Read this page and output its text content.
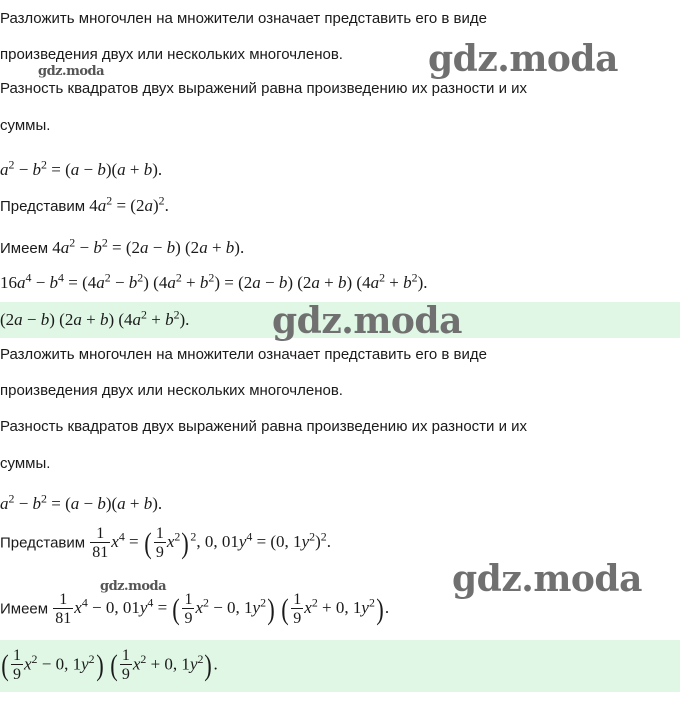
Разложить многочлен на множители означает представить его в виде
произведения двух или нескольких многочленов. gdz.moda
gdz.moda
Разность квадратов двух выражений равна произведению их разности и их
суммы.
$a^2 - b^2 = (a - b)(a + b)$.
Представим $4a^2 = (2a)^2$.
Имеем $4a^2 - b^2 = (2a - b) (2a + b)$.
$16a^4 - b^4 = (4a^2 - b^2) (4a^2 + b^2) = (2a - b) (2a + b) (4a^2 + b^2)$.
(2a − b) (2a + b) $(4a^2 + b^2)$. gdz.moda
Разложить многочлен на множители означает представить его в виде
произведения двух или нескольких многочленов.
Разность квадратов двух выражений равна произведению их разности и их
суммы.
$a^2 - b^2 = (a - b)(a + b)$.
Представим $\frac{1}{81} x^4$ = ( $\frac{1}{9} x^2)^2$, 0, $01y^4 = (0$, $1y^2)^2$.
gdz.moda
gdz.moda
Имеем $\frac{1}{81} x^4 - 0$, $01y^4$ = ( $\frac{1}{9} x^2 - 0$, $1y^2$) ( $\frac{1}{9} x^2 + 0$, $1y^2$).
( $\frac{1}{9} x^2 - 0$, $1y^2$) ( $\frac{1}{9} x^2 + 0$, $1y^2$).
